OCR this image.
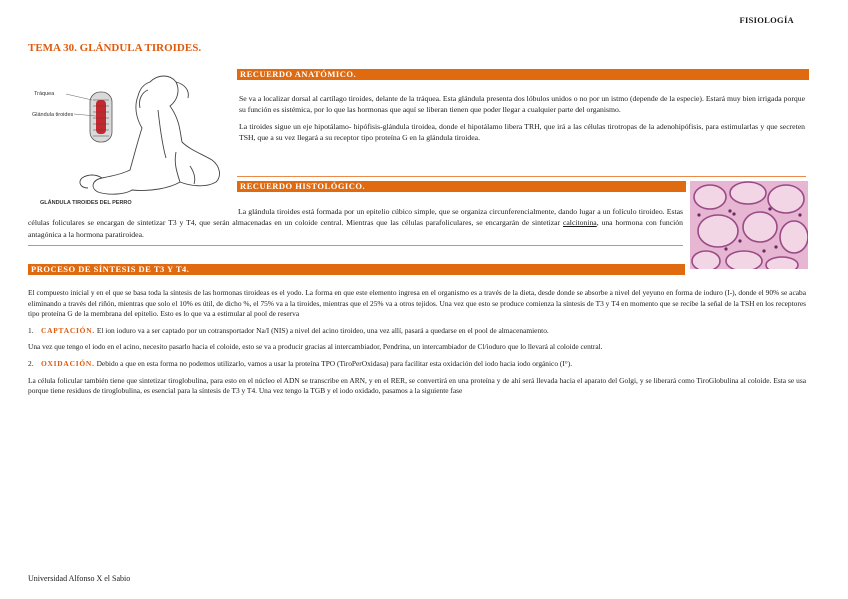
FISIOLOGÍA
TEMA 30. GLÁNDULA TIROIDES.
Tráquea
Glándula tiroides
GLÁNDULA TIROIDES DEL PERRO
RECUERDO ANATÓMICO.

Se va a localizar dorsal al cartílago tiroides, delante de la tráquea. Esta glándula presenta dos lóbulos unidos o no por un istmo (depende de la especie). Estará muy bien irrigada porque su función es sistémica, por lo que las hormonas que aquí se liberan tienen que poder llegar a cualquier parte del organismo.

La tiroides sigue un eje hipotálamo- hipófisis-glándula tiroidea, donde el hipotálamo libera TRH, que irá a las células tirotropas de la adenohipófisis, para estimularlas y que secreten TSH, que a su vez llegará a su receptor tipo proteína G en la glándula tiroidea.

RECUERDO HISTOLÓGICO.

La glándula tiroides está formada por un epitelio cúbico simple, que se organiza circunferencialmente, dando lugar a un folículo tiroideo. Estas células foliculares se encargan de sintetizar T3 y T4, que serán almacenadas en un coloide central. Mientras que las células parafoliculares, se encargarán de sintetizar calcitonina, una hormona con función antagónica a la hormona paratiroidea.

PROCESO DE SÍNTESIS DE T3 Y T4.

El compuesto inicial y en el que se basa toda la síntesis de las hormonas tiroideas es el yodo. La forma en que este elemento ingresa en el organismo es a través de la dieta, desde donde se absorbe a nivel del yeyuno en forma de ioduro (I-), donde el 90% se acaba eliminando a través del riñón, mientras que solo el 10% es útil, de dicho %, el 75% va a la tiroides, mientras que el 25% va a otros tejidos. Una vez que esto se produce comienza la síntesis de T3 y T4 en momento que se recibe la señal de la TSH en los receptores tipo proteína G de la membrana del epitelio. Esto es lo que va a estimular al pool de reserva

1. CAPTACIÓN. El ion ioduro va a ser captado por un cotransportador Na/I (NIS) a nivel del acino tiroideo, una vez allí, pasará a quedarse en el pool de almacenamiento.

Una vez que tengo el iodo en el acino, necesito pasarlo hacia el coloide, esto se va a producir gracias al intercambiador, Pendrina, un intercambiador de Cl/ioduro que lo llevará al coloide central.

2. OXIDACIÓN. Debido a que en esta forma no podemos utilizarlo, vamos a usar la proteína TPO (TiroPerOxidasa) para facilitar esta oxidación del iodo hacia iodo orgánico (I°).

La célula folicular también tiene que sintetizar tiroglobulina, para esto en el núcleo el ADN se transcribe en ARN, y en el RER, se convertirá en una proteína y de ahí será llevada hacia el aparato del Golgi, y se liberará como TiroGlobulina al coloide. Esta se usa porque tiene residuos de tiroglobulina, es esencial para la síntesis de T3 y T4. Una vez tengo la TGB y el iodo oxidado, pasamos a la siguiente fase

Universidad Alfonso X el Sabio
